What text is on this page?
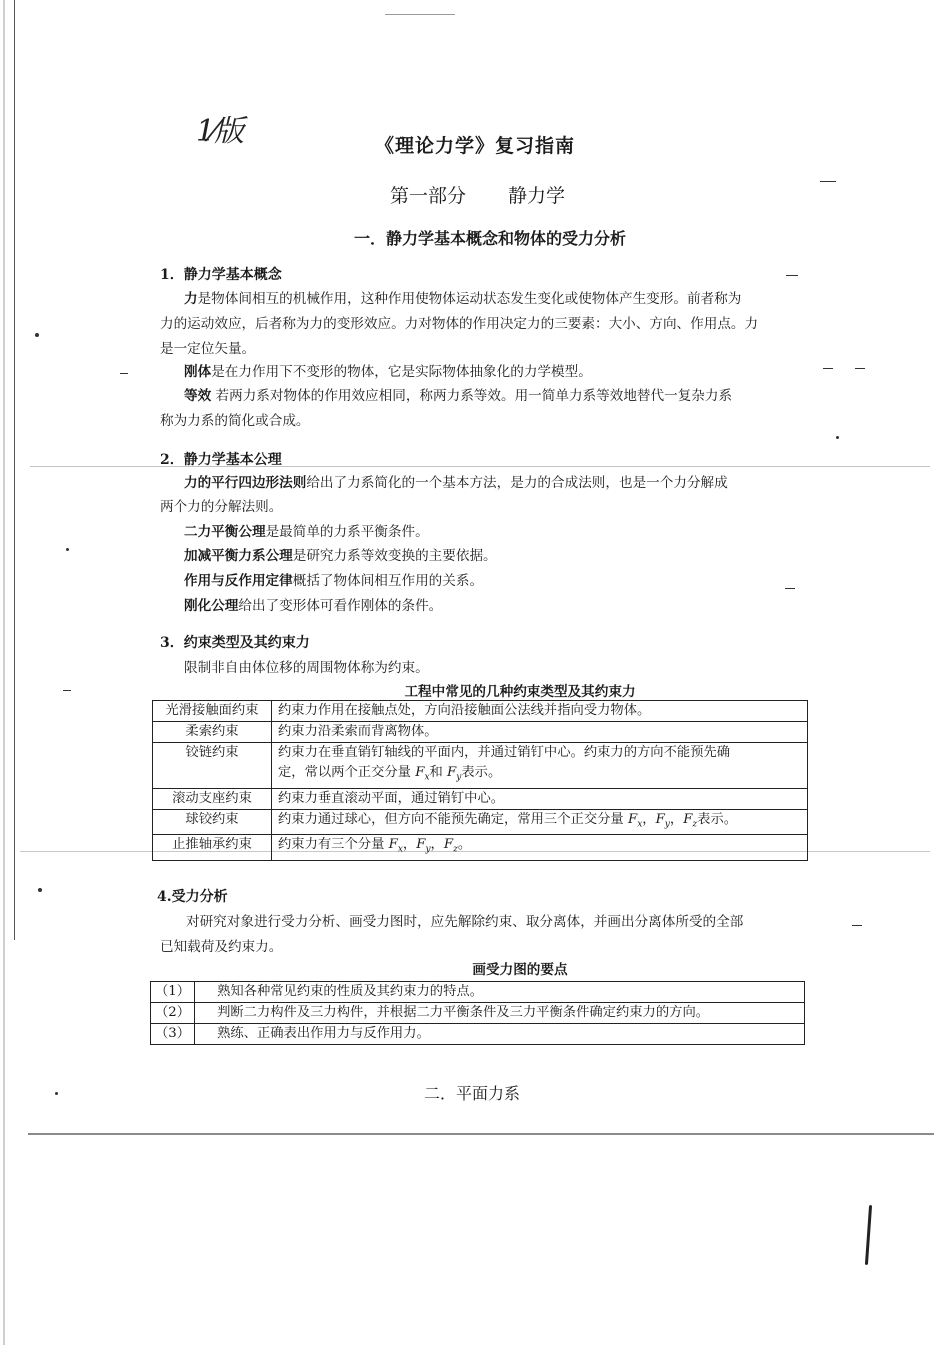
1⁄版	《理论力学》复习指南
第一部分 静力学
一．静力学基本概念和物体的受力分析
1．静力学基本概念
力是物体间相互的机械作用，这种作用使物体运动状态发生变化或使物体产生变形。前者称为
力的运动效应，后者称为力的变形效应。力对物体的作用决定力的三要素：大小、方向、作用点。力
是一定位矢量。
刚体是在力作用下不变形的物体，它是实际物体抽象化的力学模型。
等效 若两力系对物体的作用效应相同，称两力系等效。用一简单力系等效地替代一复杂力系
称为力系的简化或合成。
2．静力学基本公理
力的平行四边形法则给出了力系简化的一个基本方法，是力的合成法则，也是一个力分解成
两个力的分解法则。
二力平衡公理是最简单的力系平衡条件。
加减平衡力系公理是研究力系等效变换的主要依据。
作用与反作用定律概括了物体间相互作用的关系。
刚化公理给出了变形体可看作刚体的条件。
3．约束类型及其约束力
限制非自由体位移的周围物体称为约束。
工程中常见的几种约束类型及其约束力
光滑接触面约束	约束力作用在接触点处，方向沿接触面公法线并指向受力物体。
柔索约束	约束力沿柔索而背离物体。
铰链约束	约束力在垂直销钉轴线的平面内，并通过销钉中心。约束力的方向不能预先确
定，常以两个正交分量 $F_x$和 $F_y$表示。

滚动支座约束	约束力垂直滚动平面，通过销钉中心。
球铰约束	约束力通过球心，但方向不能预先确定，常用三个正交分量 $F_x$，$F_y$，$F_z$表示。
止推轴承约束	约束力有三个分量 $F_x$，$F_y$，$F_z$。
4.受力分析
对研究对象进行受力分析、画受力图时，应先解除约束、取分离体，并画出分离体所受的全部
已知载荷及约束力。
画受力图的要点
（1）	熟知各种常见约束的性质及其约束力的特点。
（2）	判断二力构件及三力构件，并根据二力平衡条件及三力平衡条件确定约束力的方向。
（3）	熟练、正确表出作用力与反作用力。
二．平面力系
